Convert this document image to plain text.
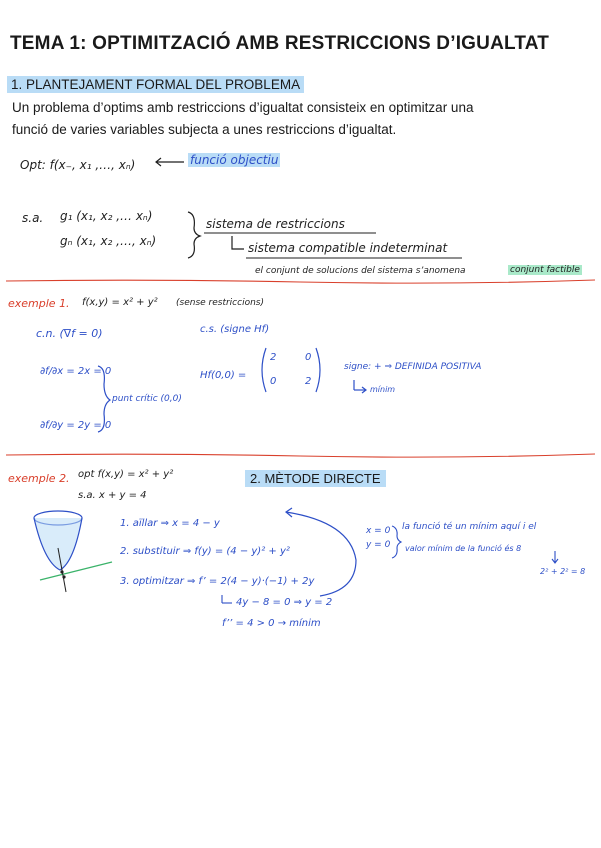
TEMA 1: OPTIMITZACIÓ AMB RESTRICCIONS D’IGUALTAT
1. PLANTEJAMENT FORMAL DEL PROBLEMA
Un problema d’optims amb restriccions d’igualtat consisteix en optimitzar una
funció de varies variables subjecta a unes restriccions d’igualtat.
Opt: f(x₋, x₁ ,…, xₙ)	funció objectiu
s.a. g₁ (x₁, x₂ ,… xₙ)
gₙ (x₁, x₂ ,…, xₙ)
sistema de restriccions
sistema compatible indeterminat
el conjunt de solucions del sistema s’anomena	conjunt factible
exemple 1. f(x,y) = x² + y² (sense restriccions)
c.n. (∇f = 0)	c.s. (signe Hf)
∂f/∂x = 2x = 0
∂f/∂y = 2y = 0
punt crític (0,0)
Hf(0,0) =
2	0
0	2
signe: + ⇒ DEFINIDA POSITIVA
mínim
exemple 2. opt f(x,y) = x² + y²
s.a. x + y = 4
2. MÈTODE DIRECTE
1. aïllar ⇒ x = 4 − y
2. substituir ⇒ f(y) = (4 − y)² + y²
3. optimitzar ⇒ f’ = 2(4 − y)·(−1) + 2y
4y − 8 = 0 ⇒ y = 2
f’’ = 4 > 0 → mínim
x = 0
y = 0
la funció té un mínim aquí i el
valor mínim de la funció és 8
2² + 2² = 8
